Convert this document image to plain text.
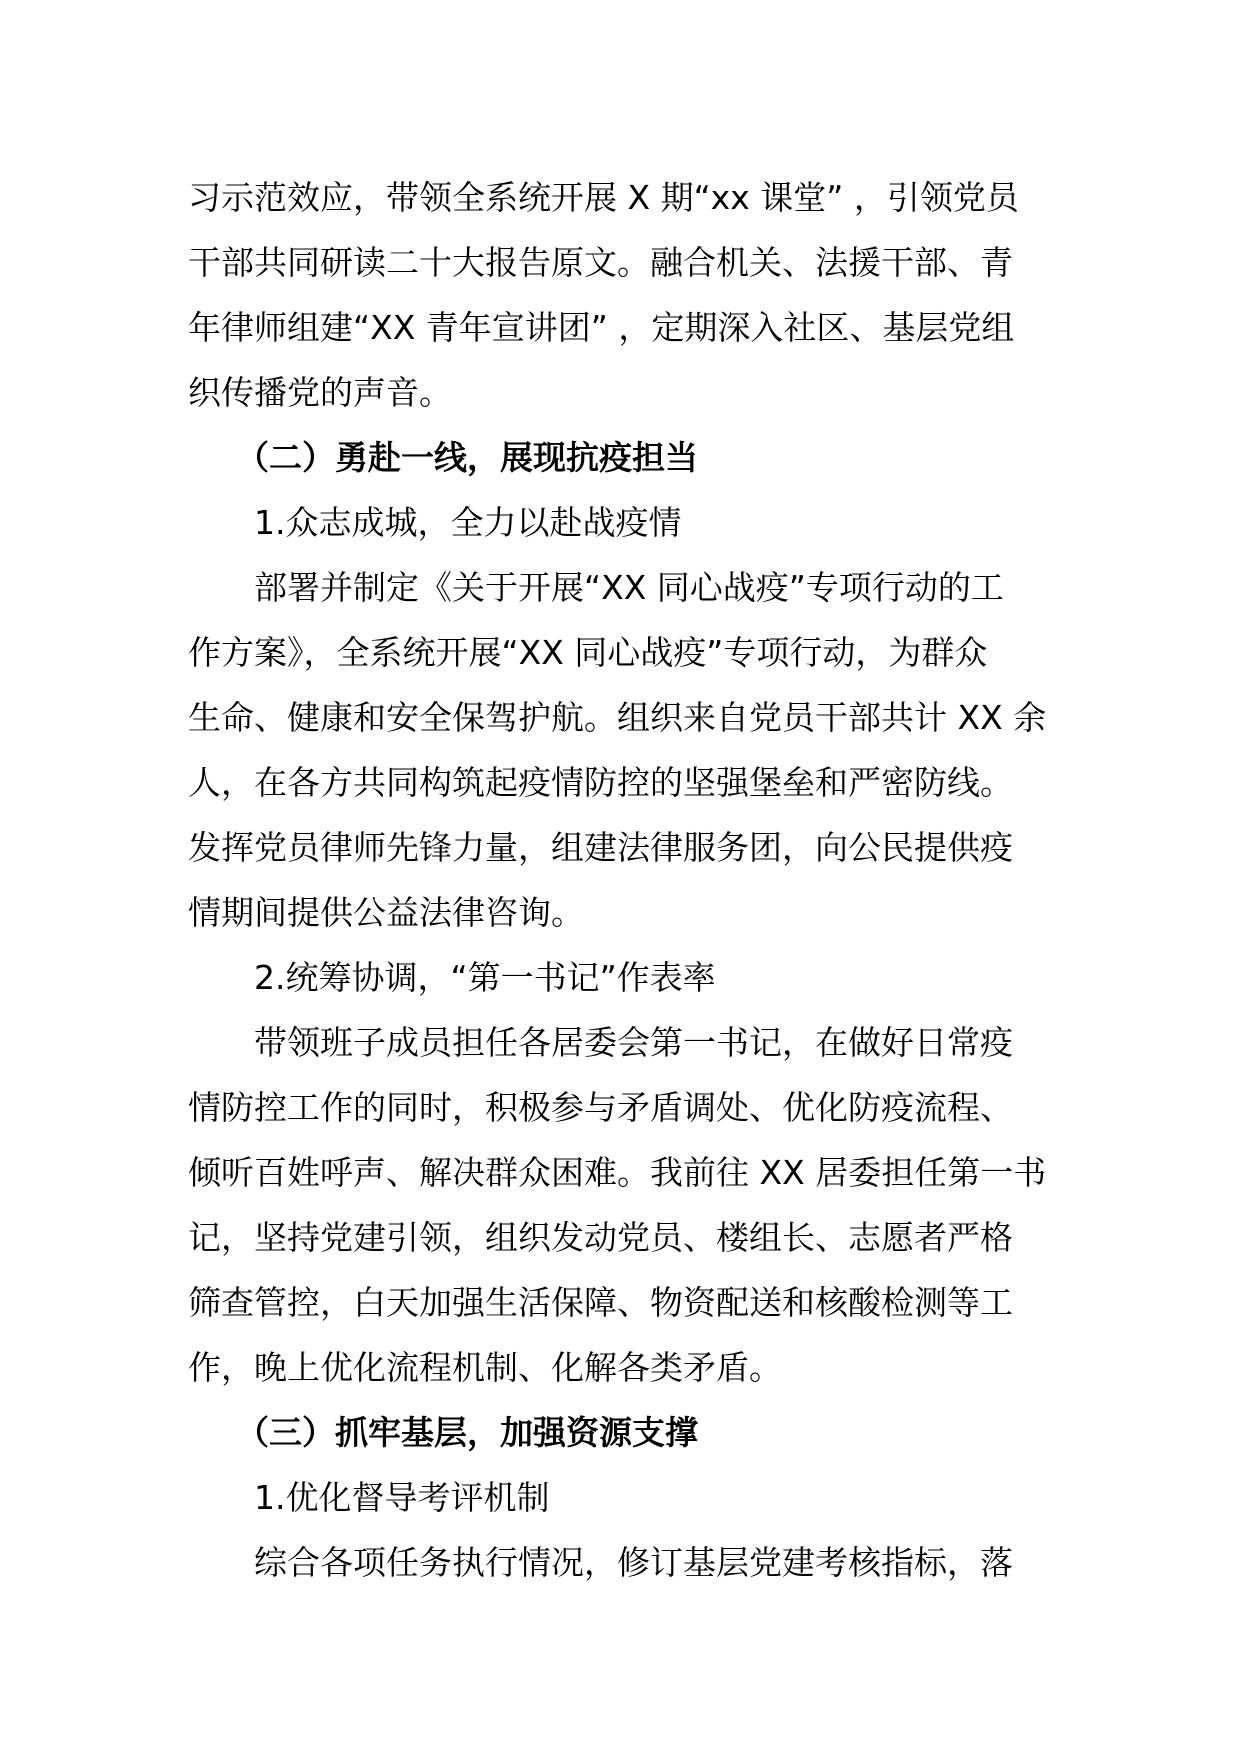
习示范效应，带领全系统开展 X 期“xx 课堂” ，引领党员
干部共同研读二十大报告原文。融合机关、法援干部、青
年律师组建“XX 青年宣讲团” ，定期深入社区、基层党组
织传播党的声音。
（二）勇赴一线，展现抗疫担当
1.众志成城，全力以赴战疫情
部署并制定《关于开展“XX 同心战疫”专项行动的工
作方案》，全系统开展“XX 同心战疫”专项行动，为群众
生命、健康和安全保驾护航。组织来自党员干部共计 XX 余
人，在各方共同构筑起疫情防控的坚强堡垒和严密防线。
发挥党员律师先锋力量，组建法律服务团，向公民提供疫
情期间提供公益法律咨询。
2.统筹协调，“第一书记”作表率
带领班子成员担任各居委会第一书记，在做好日常疫
情防控工作的同时，积极参与矛盾调处、优化防疫流程、
倾听百姓呼声、解决群众困难。我前往 XX 居委担任第一书
记，坚持党建引领，组织发动党员、楼组长、志愿者严格
筛查管控，白天加强生活保障、物资配送和核酸检测等工
作，晚上优化流程机制、化解各类矛盾。
（三）抓牢基层，加强资源支撑
1.优化督导考评机制
综合各项任务执行情况，修订基层党建考核指标，落
